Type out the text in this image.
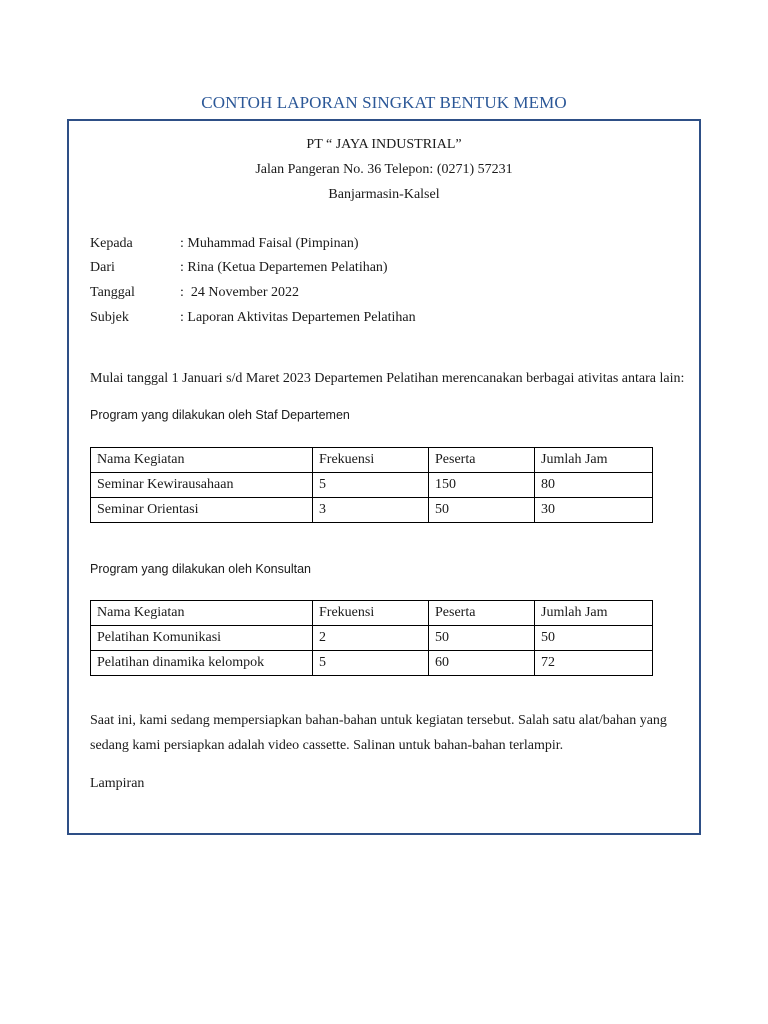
CONTOH LAPORAN SINGKAT BENTUK MEMO
PT “ JAYA INDUSTRIAL”
Jalan Pangeran No. 36 Telepon: (0271) 57231
Banjarmasin-Kalsel
Kepada	: Muhammad Faisal (Pimpinan)
Dari	: Rina (Ketua Departemen Pelatihan)
Tanggal	:  24 November 2022
Subjek	: Laporan Aktivitas Departemen Pelatihan
Mulai tanggal 1 Januari s/d Maret 2023 Departemen Pelatihan merencanakan berbagai ativitas antara lain:
Program yang dilakukan oleh Staf Departemen
Nama Kegiatan	Frekuensi	Peserta	Jumlah Jam
Seminar Kewirausahaan	5	150	80
Seminar Orientasi	3	50	30
Program yang dilakukan oleh Konsultan
Nama Kegiatan	Frekuensi	Peserta	Jumlah Jam
Pelatihan Komunikasi	2	50	50
Pelatihan dinamika kelompok	5	60	72
Saat ini, kami sedang mempersiapkan bahan-bahan untuk kegiatan tersebut. Salah satu alat/bahan yang
sedang kami persiapkan adalah video cassette. Salinan untuk bahan-bahan terlampir.
Lampiran
